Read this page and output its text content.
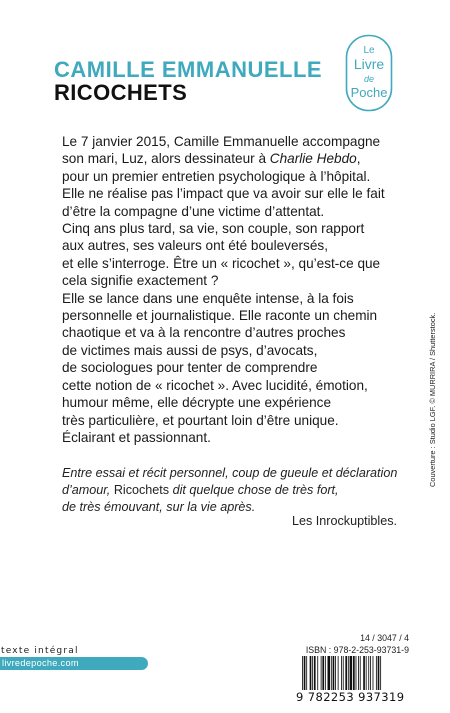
CAMILLE EMMANUELLE
RICOCHETS
Le
Livre
de
Poche
Le 7 janvier 2015, Camille Emmanuelle accompagne
son mari, Luz, alors dessinateur à Charlie Hebdo,
pour un premier entretien psychologique à l’hôpital.
Elle ne réalise pas l’impact que va avoir sur elle le fait
d’être la compagne d’une victime d’attentat.
Cinq ans plus tard, sa vie, son couple, son rapport
aux autres, ses valeurs ont été bouleversés,
et elle s’interroge. Être un « ricochet », qu’est-ce que
cela signifie exactement ?
Elle se lance dans une enquête intense, à la fois
personnelle et journalistique. Elle raconte un chemin
chaotique et va à la rencontre d’autres proches
de victimes mais aussi de psys, d’avocats,
de sociologues pour tenter de comprendre
cette notion de « ricochet ». Avec lucidité, émotion,
humour même, elle décrypte une expérience
très particulière, et pourtant loin d’être unique.
Éclairant et passionnant.
Entre essai et récit personnel, coup de gueule et déclaration
d’amour, Ricochets dit quelque chose de très fort,
de très émouvant, sur la vie après.
Les Inrockuptibles.
Couverture : Studio LGF. © MURRIRA / Shutterstock.
texte intégral
livredepoche.com
14 / 3047 / 4
ISBN : 978-2-253-93731-9
9 782253 937319
